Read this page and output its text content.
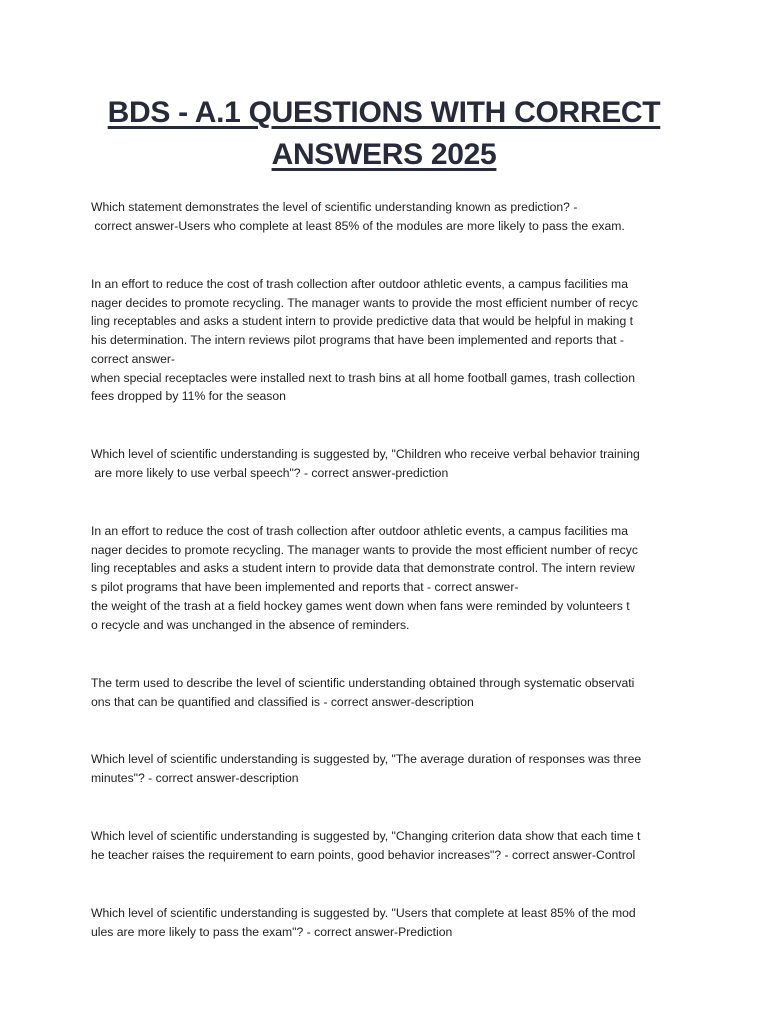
BDS - A.1 QUESTIONS WITH CORRECT ANSWERS 2025
Which statement demonstrates the level of scientific understanding known as prediction? -
correct answer-Users who complete at least 85% of the modules are more likely to pass the exam.
In an effort to reduce the cost of trash collection after outdoor athletic events, a campus facilities ma
nager decides to promote recycling. The manager wants to provide the most efficient number of recyc
ling receptables and asks a student intern to provide predictive data that would be helpful in making t
his determination. The intern reviews pilot programs that have been implemented and reports that -
correct answer-
when special receptacles were installed next to trash bins at all home football games, trash collection
fees dropped by 11% for the season
Which level of scientific understanding is suggested by, "Children who receive verbal behavior training
are more likely to use verbal speech"? - correct answer-prediction
In an effort to reduce the cost of trash collection after outdoor athletic events, a campus facilities ma
nager decides to promote recycling. The manager wants to provide the most efficient number of recyc
ling receptables and asks a student intern to provide data that demonstrate control. The intern review
s pilot programs that have been implemented and reports that - correct answer-
the weight of the trash at a field hockey games went down when fans were reminded by volunteers t
o recycle and was unchanged in the absence of reminders.
The term used to describe the level of scientific understanding obtained through systematic observati
ons that can be quantified and classified is - correct answer-description
Which level of scientific understanding is suggested by, "The average duration of responses was three
minutes"? - correct answer-description
Which level of scientific understanding is suggested by, "Changing criterion data show that each time t
he teacher raises the requirement to earn points, good behavior increases"? - correct answer-Control
Which level of scientific understanding is suggested by. "Users that complete at least 85% of the mod
ules are more likely to pass the exam"? - correct answer-Prediction
